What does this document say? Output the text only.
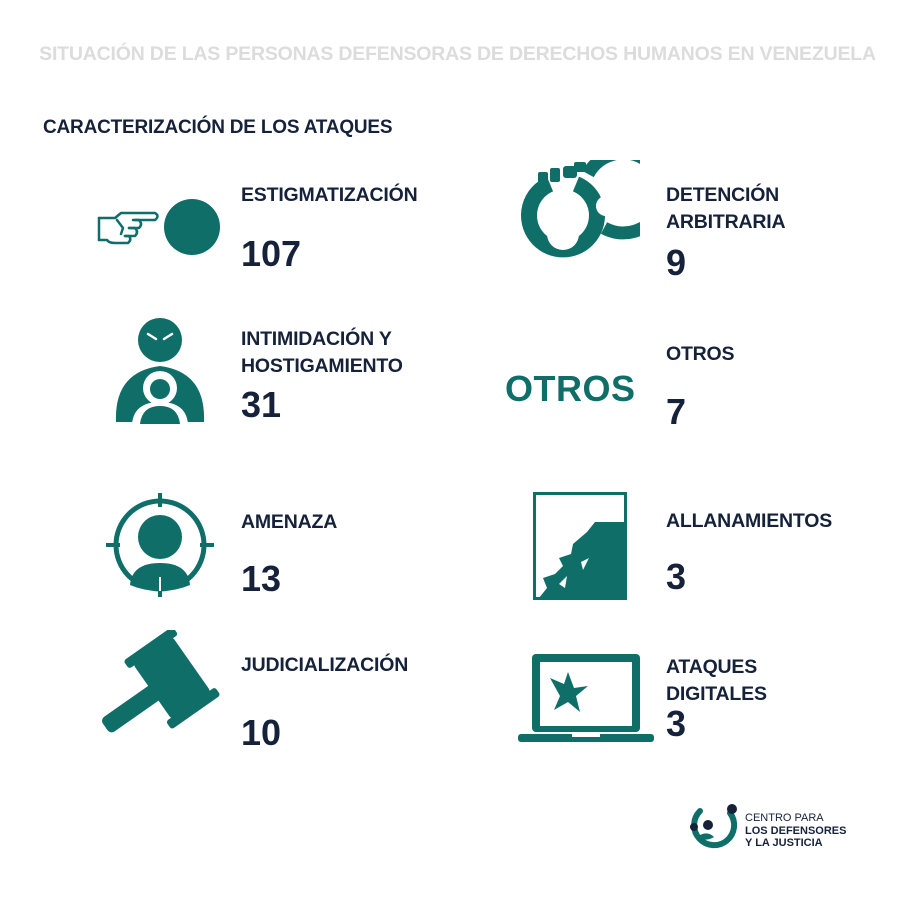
SITUACIÓN DE LAS PERSONAS DEFENSORAS DE DERECHOS HUMANOS EN VENEZUELA
CARACTERIZACIÓN DE LOS ATAQUES
ESTIGMATIZACIÓN
107
DETENCIÓN
ARBITRARIA
9
INTIMIDACIÓN Y
HOSTIGAMIENTO
31	OTROS
OTROS
7
AMENAZA
13
ALLANAMIENTOS
3
JUDICIALIZACIÓN
10
ATAQUES
DIGITALES
3
CENTRO PARA
LOS DEFENSORES
Y LA JUSTICIA
